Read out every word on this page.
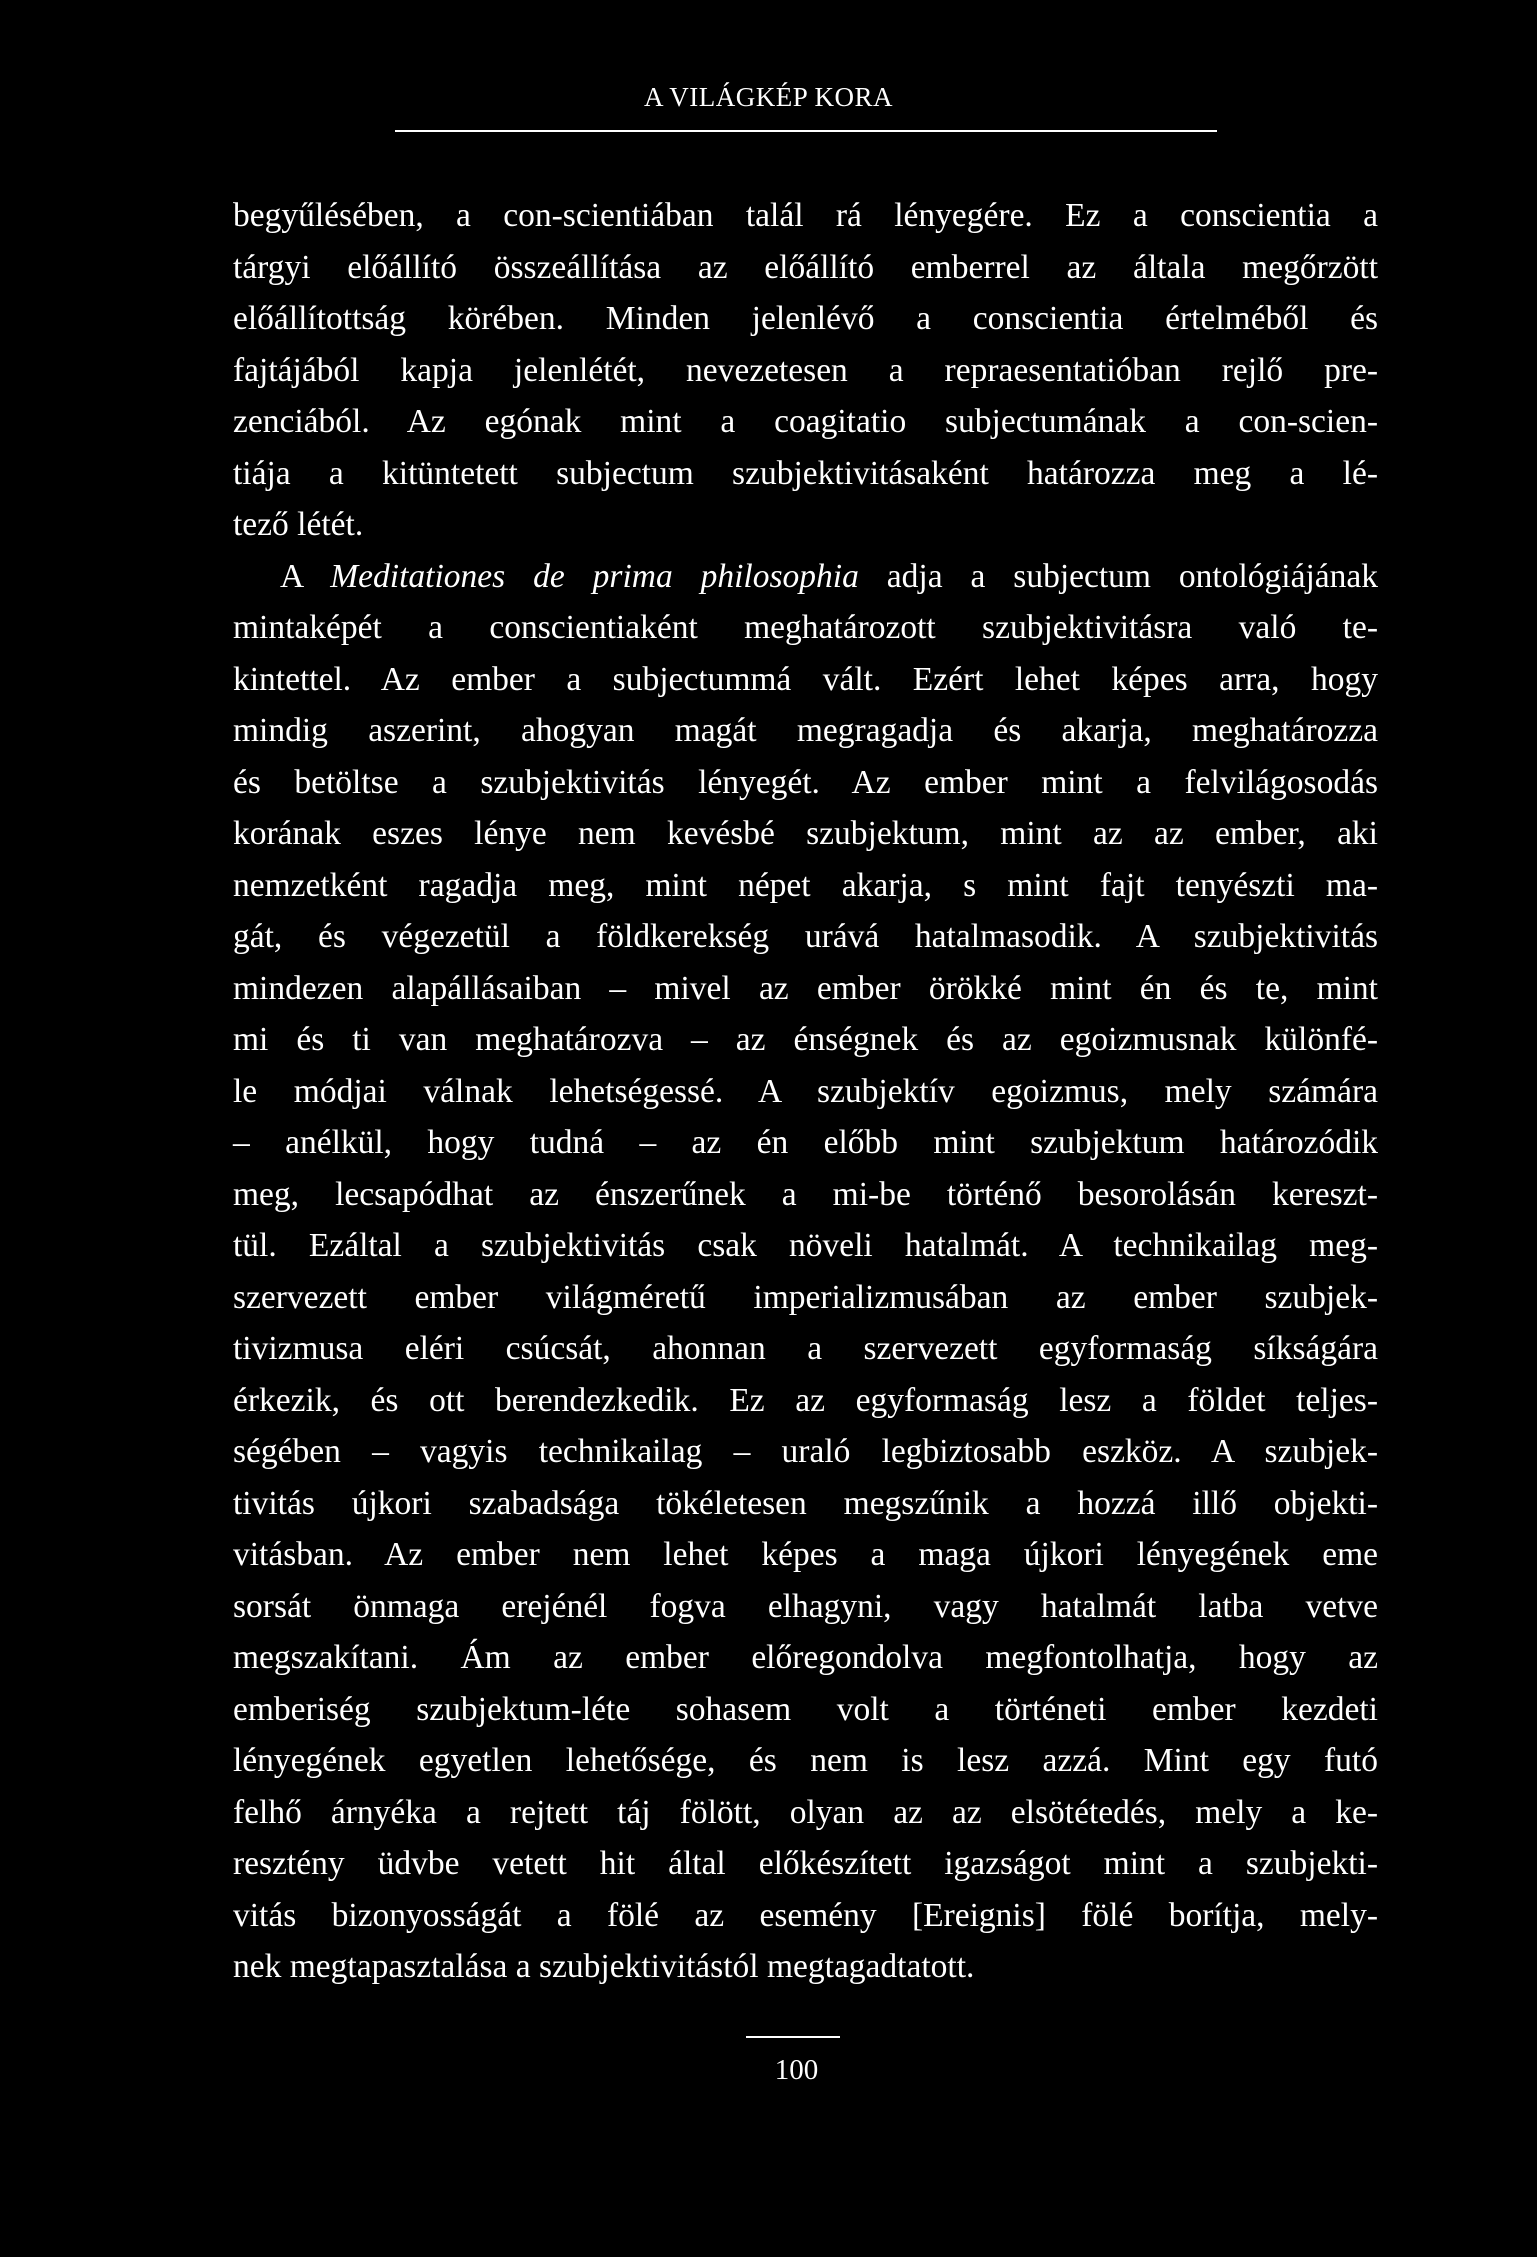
A VILÁGKÉP KORA
begyűlésében, a con-scientiában talál rá lényegére. Ez a conscientia a
tárgyi előállító összeállítása az előállító emberrel az általa megőrzött
előállítottság körében. Minden jelenlévő a conscientia értelméből és
fajtájából kapja jelenlétét, nevezetesen a repraesentatióban rejlő pre-
zenciából. Az egónak mint a coagitatio subjectumának a con-scien-
tiája a kitüntetett subjectum szubjektivitásaként határozza meg a lé-
tező létét.
A Meditationes de prima philosophia adja a subjectum ontológiájának
mintaképét a conscientiaként meghatározott szubjektivitásra való te-
kintettel. Az ember a subjectummá vált. Ezért lehet képes arra, hogy
mindig aszerint, ahogyan magát megragadja és akarja, meghatározza
és betöltse a szubjektivitás lényegét. Az ember mint a felvilágosodás
korának eszes lénye nem kevésbé szubjektum, mint az az ember, aki
nemzetként ragadja meg, mint népet akarja, s mint fajt tenyészti ma-
gát, és végezetül a földkerekség urává hatalmasodik. A szubjektivitás
mindezen alapállásaiban – mivel az ember örökké mint én és te, mint
mi és ti van meghatározva – az énségnek és az egoizmusnak különfé-
le módjai válnak lehetségessé. A szubjektív egoizmus, mely számára
– anélkül, hogy tudná – az én előbb mint szubjektum határozódik
meg, lecsapódhat az énszerűnek a mi-be történő besorolásán kereszt-
tül. Ezáltal a szubjektivitás csak növeli hatalmát. A technikailag meg-
szervezett ember világméretű imperializmusában az ember szubjek-
tivizmusa eléri csúcsát, ahonnan a szervezett egyformaság síkságára
érkezik, és ott berendezkedik. Ez az egyformaság lesz a földet teljes-
ségében – vagyis technikailag – uraló legbiztosabb eszköz. A szubjek-
tivitás újkori szabadsága tökéletesen megszűnik a hozzá illő objekti-
vitásban. Az ember nem lehet képes a maga újkori lényegének eme
sorsát önmaga erejénél fogva elhagyni, vagy hatalmát latba vetve
megszakítani. Ám az ember előregondolva megfontolhatja, hogy az
emberiség szubjektum-léte sohasem volt a történeti ember kezdeti
lényegének egyetlen lehetősége, és nem is lesz azzá. Mint egy futó
felhő árnyéka a rejtett táj fölött, olyan az az elsötétedés, mely a ke-
resztény üdvbe vetett hit által előkészített igazságot mint a szubjekti-
vitás bizonyosságát a fölé az esemény [Ereignis] fölé borítja, mely-
nek megtapasztalása a szubjektivitástól megtagadtatott.
100
